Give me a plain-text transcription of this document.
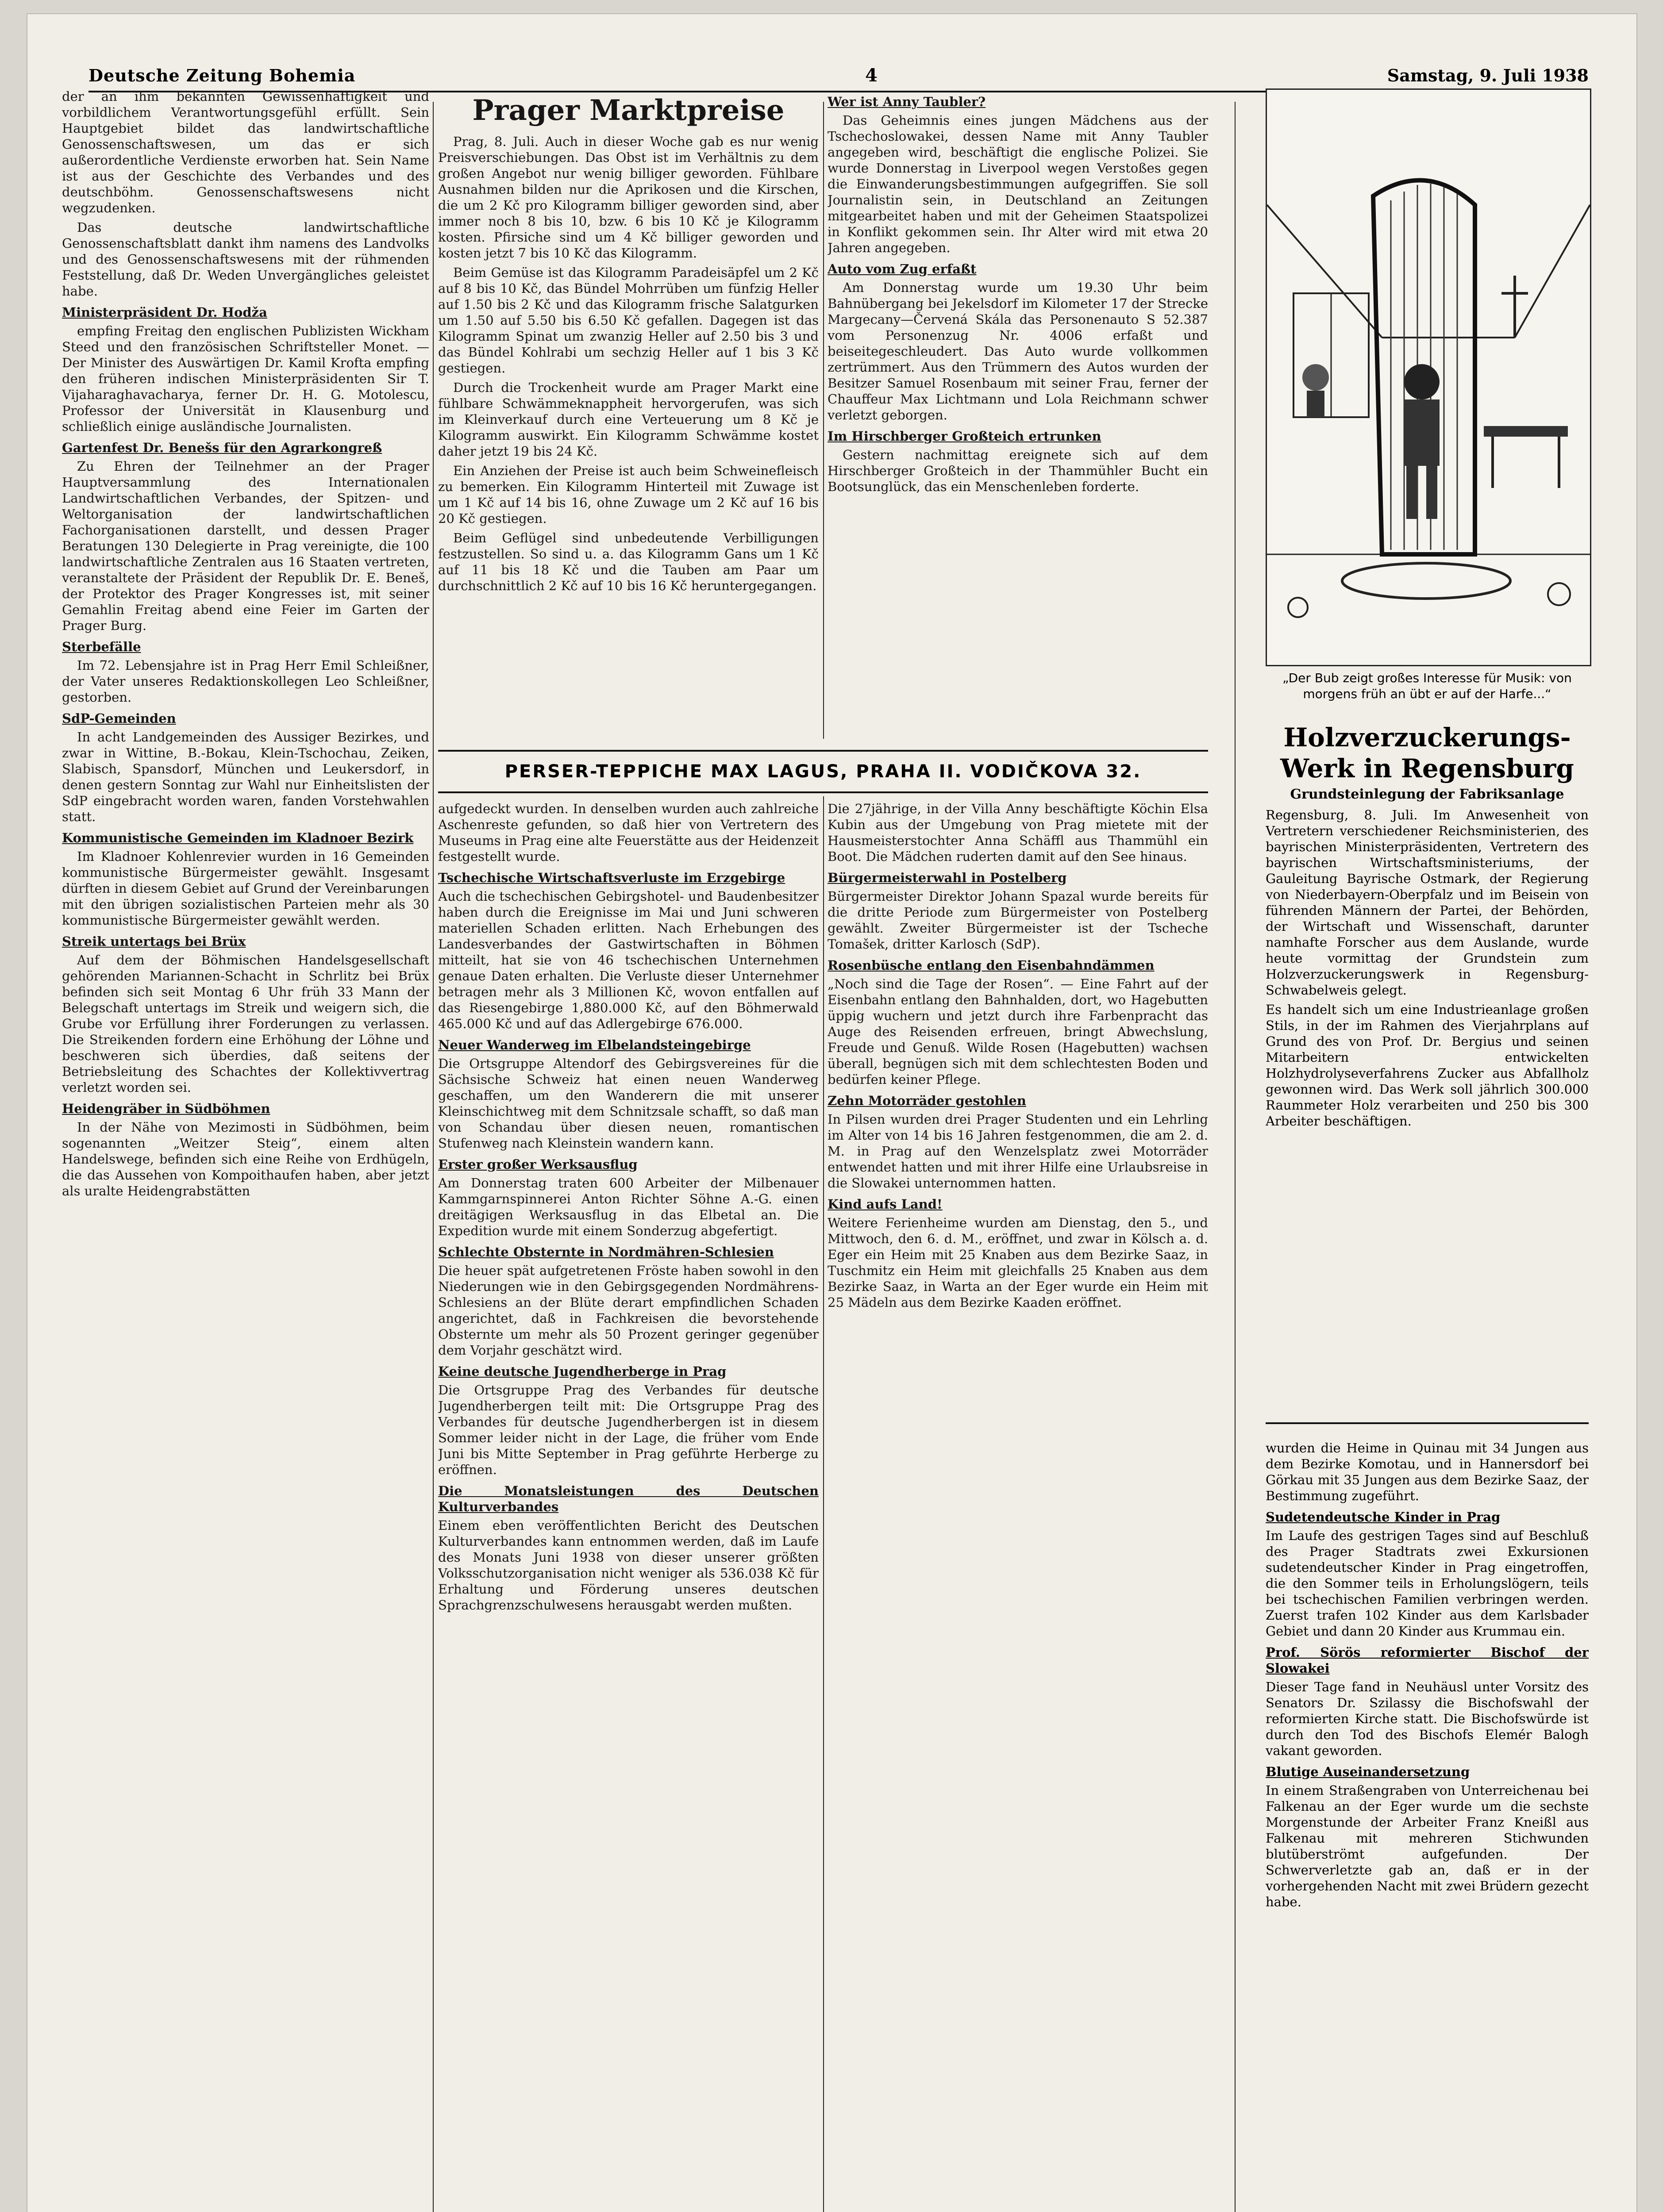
Deutsche Zeitung Bohemia	4	Samstag, 9. Juli 1938

der an ihm bekannten Gewissenhaftigkeit und vorbildlichem Verantwortungsgefühl erfüllt. Sein Hauptgebiet bildet das landwirtschaftliche Genossenschaftswesen, um das er sich außerordentliche Verdienste erworben hat. Sein Name ist aus der Geschichte des Verbandes und des deutschböhm. Genossenschaftswesens nicht wegzudenken.

Das deutsche landwirtschaftliche Genossenschaftsblatt dankt ihm namens des Landvolks und des Genossenschaftswesens mit der rühmenden Feststellung, daß Dr. Weden Unvergängliches geleistet habe.

Ministerpräsident Dr. Hodža

empfing Freitag den englischen Publizisten Wickham Steed und den französischen Schriftsteller Monet. — Der Minister des Auswärtigen Dr. Kamil Krofta empfing den früheren indischen Ministerpräsidenten Sir T. Vijaharaghavacharya, ferner Dr. H. G. Motolescu, Professor der Universität in Klausenburg und schließlich einige ausländische Journalisten.

Gartenfest Dr. Benešs für den Agrarkongreß

Zu Ehren der Teilnehmer an der Prager Hauptversammlung des Internationalen Landwirtschaftlichen Verbandes, der Spitzen- und Weltorganisation der landwirtschaftlichen Fachorganisationen darstellt, und dessen Prager Beratungen 130 Delegierte in Prag vereinigte, die 100 landwirtschaftliche Zentralen aus 16 Staaten vertreten, veranstaltete der Präsident der Republik Dr. E. Beneš, der Protektor des Prager Kongresses ist, mit seiner Gemahlin Freitag abend eine Feier im Garten der Prager Burg.

Sterbefälle

Im 72. Lebensjahre ist in Prag Herr Emil Schleißner, der Vater unseres Redaktionskollegen Leo Schleißner, gestorben.

SdP-Gemeinden

In acht Landgemeinden des Aussiger Bezirkes, und zwar in Wittine, B.-Bokau, Klein-Tschochau, Zeiken, Slabisch, Spansdorf, München und Leukersdorf, in denen gestern Sonntag zur Wahl nur Einheitslisten der SdP eingebracht worden waren, fanden Vorstehwahlen statt.

Kommunistische Gemeinden im Kladnoer Bezirk

Im Kladnoer Kohlenrevier wurden in 16 Gemeinden kommunistische Bürgermeister gewählt. Insgesamt dürften in diesem Gebiet auf Grund der Vereinbarungen mit den übrigen sozialistischen Parteien mehr als 30 kommunistische Bürgermeister gewählt werden.

Streik untertags bei Brüx

Auf dem der Böhmischen Handelsgesellschaft gehörenden Mariannen-Schacht in Schrlitz bei Brüx befinden sich seit Montag 6 Uhr früh 33 Mann der Belegschaft untertags im Streik und weigern sich, die Grube vor Erfüllung ihrer Forderungen zu verlassen. Die Streikenden fordern eine Erhöhung der Löhne und beschweren sich überdies, daß seitens der Betriebsleitung des Schachtes der Kollektivvertrag verletzt worden sei.

Heidengräber in Südböhmen

In der Nähe von Mezimosti in Südböhmen, beim sogenannten „Weitzer Steig“, einem alten Handelswege, befinden sich eine Reihe von Erdhügeln, die das Aussehen von Kompoithaufen haben, aber jetzt als uralte Heidengrabstätten

Prager Marktpreise

Prag, 8. Juli. Auch in dieser Woche gab es nur wenig Preisverschiebungen. Das Obst ist im Verhältnis zu dem großen Angebot nur wenig billiger geworden. Fühlbare Ausnahmen bilden nur die Aprikosen und die Kirschen, die um 2 Kč pro Kilogramm billiger geworden sind, aber immer noch 8 bis 10, bzw. 6 bis 10 Kč je Kilogramm kosten. Pfirsiche sind um 4 Kč billiger geworden und kosten jetzt 7 bis 10 Kč das Kilogramm.

Beim Gemüse ist das Kilogramm Paradeisäpfel um 2 Kč auf 8 bis 10 Kč, das Bündel Mohrrüben um fünfzig Heller auf 1.50 bis 2 Kč und das Kilogramm frische Salatgurken um 1.50 auf 5.50 bis 6.50 Kč gefallen. Dagegen ist das Kilogramm Spinat um zwanzig Heller auf 2.50 bis 3 und das Bündel Kohlrabi um sechzig Heller auf 1 bis 3 Kč gestiegen.

Durch die Trockenheit wurde am Prager Markt eine fühlbare Schwämmeknappheit hervorgerufen, was sich im Kleinverkauf durch eine Verteuerung um 8 Kč je Kilogramm auswirkt. Ein Kilogramm Schwämme kostet daher jetzt 19 bis 24 Kč.

Ein Anziehen der Preise ist auch beim Schweinefleisch zu bemerken. Ein Kilogramm Hinterteil mit Zuwage ist um 1 Kč auf 14 bis 16, ohne Zuwage um 2 Kč auf 16 bis 20 Kč gestiegen.

Beim Geflügel sind unbedeutende Verbilligungen festzustellen. So sind u. a. das Kilogramm Gans um 1 Kč auf 11 bis 18 Kč und die Tauben am Paar um durchschnittlich 2 Kč auf 10 bis 16 Kč heruntergegangen.

Wer ist Anny Taubler?

Das Geheimnis eines jungen Mädchens aus der Tschechoslowakei, dessen Name mit Anny Taubler angegeben wird, beschäftigt die englische Polizei. Sie wurde Donnerstag in Liverpool wegen Verstoßes gegen die Einwanderungsbestimmungen aufgegriffen. Sie soll Journalistin sein, in Deutschland an Zeitungen mitgearbeitet haben und mit der Geheimen Staatspolizei in Konflikt gekommen sein. Ihr Alter wird mit etwa 20 Jahren angegeben.

Auto vom Zug erfaßt

Am Donnerstag wurde um 19.30 Uhr beim Bahnübergang bei Jekelsdorf im Kilometer 17 der Strecke Margecany—Červená Skála das Personenauto S 52.387 vom Personenzug Nr. 4006 erfaßt und beiseitegeschleudert. Das Auto wurde vollkommen zertrümmert. Aus den Trümmern des Autos wurden der Besitzer Samuel Rosenbaum mit seiner Frau, ferner der Chauffeur Max Lichtmann und Lola Reichmann schwer verletzt geborgen.

Im Hirschberger Großteich ertrunken

Gestern nachmittag ereignete sich auf dem Hirschberger Großteich in der Thammühler Bucht ein Bootsunglück, das ein Menschenleben forderte.

PERSER-TEPPICHE MAX LAGUS, PRAHA II. VODIČKOVA 32.

aufgedeckt wurden. In denselben wurden auch zahlreiche Aschenreste gefunden, so daß hier von Vertretern des Museums in Prag eine alte Feuerstätte aus der Heidenzeit festgestellt wurde.

Tschechische Wirtschaftsverluste im Erzgebirge

Auch die tschechischen Gebirgshotel- und Baudenbesitzer haben durch die Ereignisse im Mai und Juni schweren materiellen Schaden erlitten. Nach Erhebungen des Landesverbandes der Gastwirtschaften in Böhmen mitteilt, hat sie von 46 tschechischen Unternehmen genaue Daten erhalten. Die Verluste dieser Unternehmer betragen mehr als 3 Millionen Kč, wovon entfallen auf das Riesengebirge 1,880.000 Kč, auf den Böhmerwald 465.000 Kč und auf das Adlergebirge 676.000.

Neuer Wanderweg im Elbelandsteingebirge

Die Ortsgruppe Altendorf des Gebirgsvereines für die Sächsische Schweiz hat einen neuen Wanderweg geschaffen, um den Wanderern die mit unserer Kleinschichtweg mit dem Schnitzsale schafft, so daß man von Schandau über diesen neuen, romantischen Stufenweg nach Kleinstein wandern kann.

Erster großer Werksausflug

Am Donnerstag traten 600 Arbeiter der Milbenauer Kammgarnspinnerei Anton Richter Söhne A.-G. einen dreitägigen Werksausflug in das Elbetal an. Die Expedition wurde mit einem Sonderzug abgefertigt.

Schlechte Obsternte in Nordmähren-Schlesien

Die heuer spät aufgetretenen Fröste haben sowohl in den Niederungen wie in den Gebirgsgegenden Nordmährens-Schlesiens an der Blüte derart empfindlichen Schaden angerichtet, daß in Fachkreisen die bevorstehende Obsternte um mehr als 50 Prozent geringer gegenüber dem Vorjahr geschätzt wird.

Keine deutsche Jugendherberge in Prag

Die Ortsgruppe Prag des Verbandes für deutsche Jugendherbergen teilt mit: Die Ortsgruppe Prag des Verbandes für deutsche Jugendherbergen ist in diesem Sommer leider nicht in der Lage, die früher vom Ende Juni bis Mitte September in Prag geführte Herberge zu eröffnen.

Die Monatsleistungen des Deutschen Kulturverbandes

Einem eben veröffentlichten Bericht des Deutschen Kulturverbandes kann entnommen werden, daß im Laufe des Monats Juni 1938 von dieser unserer größten Volksschutzorganisation nicht weniger als 536.038 Kč für Erhaltung und Förderung unseres deutschen Sprachgrenzschulwesens herausgabt werden mußten.

Die 27jährige, in der Villa Anny beschäftigte Köchin Elsa Kubin aus der Umgebung von Prag mietete mit der Hausmeisterstochter Anna Schäffl aus Thammühl ein Boot. Die Mädchen ruderten damit auf den See hinaus.

Bürgermeisterwahl in Postelberg

Bürgermeister Direktor Johann Spazal wurde bereits für die dritte Periode zum Bürgermeister von Postelberg gewählt. Zweiter Bürgermeister ist der Tscheche Tomašek, dritter Karlosch (SdP).

Rosenbüsche entlang den Eisenbahndämmen

„Noch sind die Tage der Rosen“. — Eine Fahrt auf der Eisenbahn entlang den Bahnhalden, dort, wo Hagebutten üppig wuchern und jetzt durch ihre Farbenpracht das Auge des Reisenden erfreuen, bringt Abwechslung, Freude und Genuß. Wilde Rosen (Hagebutten) wachsen überall, begnügen sich mit dem schlechtesten Boden und bedürfen keiner Pflege.

Zehn Motorräder gestohlen

In Pilsen wurden drei Prager Studenten und ein Lehrling im Alter von 14 bis 16 Jahren festgenommen, die am 2. d. M. in Prag auf den Wenzelsplatz zwei Motorräder entwendet hatten und mit ihrer Hilfe eine Urlaubsreise in die Slowakei unternommen hatten.

Kind aufs Land!

Weitere Ferienheime wurden am Dienstag, den 5., und Mittwoch, den 6. d. M., eröffnet, und zwar in Kölsch a. d. Eger ein Heim mit 25 Knaben aus dem Bezirke Saaz, in Tuschmitz ein Heim mit gleichfalls 25 Knaben aus dem Bezirke Saaz, in Warta an der Eger wurde ein Heim mit 25 Mädeln aus dem Bezirke Kaaden eröffnet.

„Der Bub zeigt großes Interesse für Musik: von morgens früh an übt er auf der Harfe...“
Holzverzuckerungs-Werk in Regensburg
Grundsteinlegung der Fabriksanlage

Regensburg, 8. Juli. Im Anwesenheit von Vertretern verschiedener Reichsministerien, des bayrischen Ministerpräsidenten, Vertretern des bayrischen Wirtschaftsministeriums, der Gauleitung Bayrische Ostmark, der Regierung von Niederbayern-Oberpfalz und im Beisein von führenden Männern der Partei, der Behörden, der Wirtschaft und Wissenschaft, darunter namhafte Forscher aus dem Auslande, wurde heute vormittag der Grundstein zum Holzverzuckerungswerk in Regensburg-Schwabelweis gelegt.

Es handelt sich um eine Industrieanlage großen Stils, in der im Rahmen des Vierjahrplans auf Grund des von Prof. Dr. Bergius und seinen Mitarbeitern entwickelten Holzhydrolyseverfahrens Zucker aus Abfallholz gewonnen wird. Das Werk soll jährlich 300.000 Raummeter Holz verarbeiten und 250 bis 300 Arbeiter beschäftigen.

wurden die Heime in Quinau mit 34 Jungen aus dem Bezirke Komotau, und in Hannersdorf bei Görkau mit 35 Jungen aus dem Bezirke Saaz, der Bestimmung zugeführt.

Sudetendeutsche Kinder in Prag

Im Laufe des gestrigen Tages sind auf Beschluß des Prager Stadtrats zwei Exkursionen sudetendeutscher Kinder in Prag eingetroffen, die den Sommer teils in Erholungslögern, teils bei tschechischen Familien verbringen werden. Zuerst trafen 102 Kinder aus dem Karlsbader Gebiet und dann 20 Kinder aus Krummau ein.

Prof. Sörös reformierter Bischof der Slowakei

Dieser Tage fand in Neuhäusl unter Vorsitz des Senators Dr. Szilassy die Bischofswahl der reformierten Kirche statt. Die Bischofswürde ist durch den Tod des Bischofs Elemér Balogh vakant geworden.

Blutige Auseinandersetzung

In einem Straßengraben von Unterreichenau bei Falkenau an der Eger wurde um die sechste Morgenstunde der Arbeiter Franz Kneißl aus Falkenau mit mehreren Stichwunden blutüberströmt aufgefunden. Der Schwerverletzte gab an, daß er in der vorhergehenden Nacht mit zwei Brüdern gezecht habe.
